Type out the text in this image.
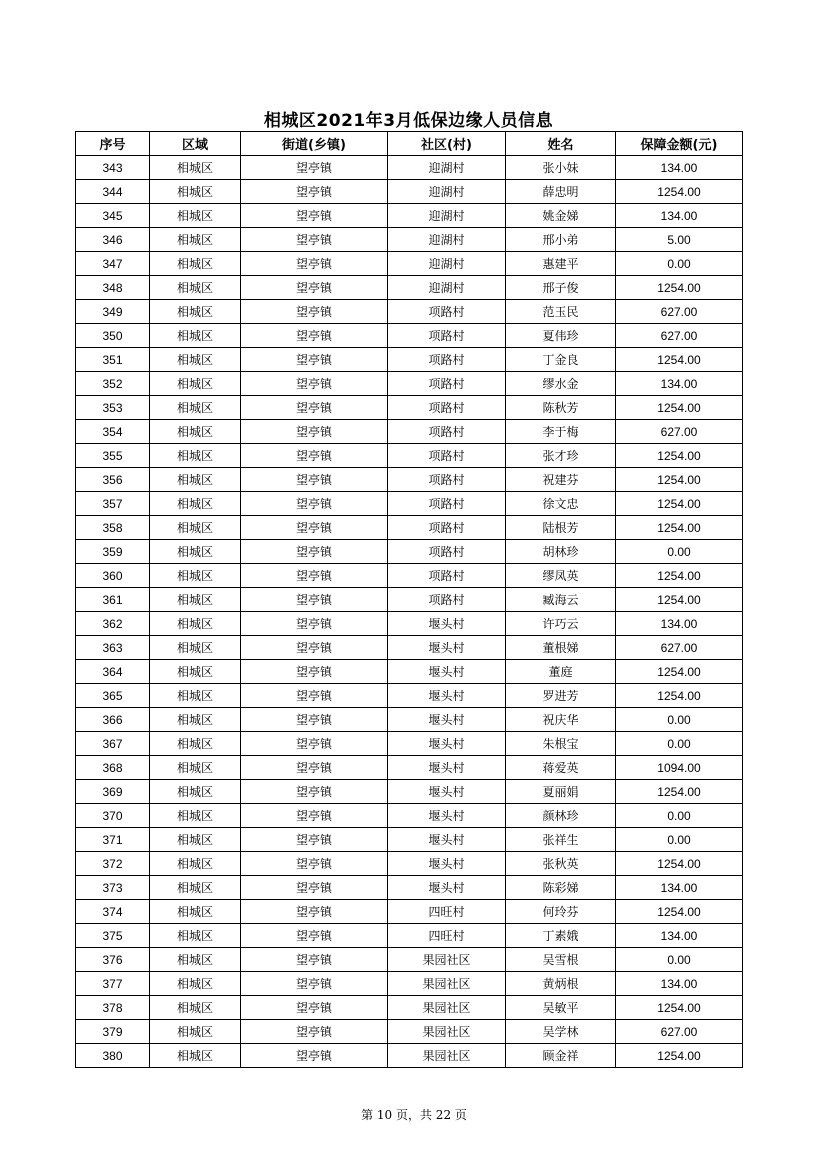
相城区2021年3月低保边缘人员信息
序号	区域	街道(乡镇)	社区(村)	姓名	保障金额(元)
343	相城区	望亭镇	迎湖村	张小妹	134.00
344	相城区	望亭镇	迎湖村	薛忠明	1254.00
345	相城区	望亭镇	迎湖村	姚金娣	134.00
346	相城区	望亭镇	迎湖村	邢小弟	5.00
347	相城区	望亭镇	迎湖村	惠建平	0.00
348	相城区	望亭镇	迎湖村	邢子俊	1254.00
349	相城区	望亭镇	项路村	范玉民	627.00
350	相城区	望亭镇	项路村	夏伟珍	627.00
351	相城区	望亭镇	项路村	丁金良	1254.00
352	相城区	望亭镇	项路村	缪水金	134.00
353	相城区	望亭镇	项路村	陈秋芳	1254.00
354	相城区	望亭镇	项路村	李于梅	627.00
355	相城区	望亭镇	项路村	张才珍	1254.00
356	相城区	望亭镇	项路村	祝建芬	1254.00
357	相城区	望亭镇	项路村	徐文忠	1254.00
358	相城区	望亭镇	项路村	陆根芳	1254.00
359	相城区	望亭镇	项路村	胡林珍	0.00
360	相城区	望亭镇	项路村	缪凤英	1254.00
361	相城区	望亭镇	项路村	臧海云	1254.00
362	相城区	望亭镇	堰头村	许巧云	134.00
363	相城区	望亭镇	堰头村	董根娣	627.00
364	相城区	望亭镇	堰头村	董庭	1254.00
365	相城区	望亭镇	堰头村	罗进芳	1254.00
366	相城区	望亭镇	堰头村	祝庆华	0.00
367	相城区	望亭镇	堰头村	朱根宝	0.00
368	相城区	望亭镇	堰头村	蒋爱英	1094.00
369	相城区	望亭镇	堰头村	夏丽娟	1254.00
370	相城区	望亭镇	堰头村	颜林珍	0.00
371	相城区	望亭镇	堰头村	张祥生	0.00
372	相城区	望亭镇	堰头村	张秋英	1254.00
373	相城区	望亭镇	堰头村	陈彩娣	134.00
374	相城区	望亭镇	四旺村	何玲芬	1254.00
375	相城区	望亭镇	四旺村	丁素娥	134.00
376	相城区	望亭镇	果园社区	吴雪根	0.00
377	相城区	望亭镇	果园社区	黄炳根	134.00
378	相城区	望亭镇	果园社区	吴敏平	1254.00
379	相城区	望亭镇	果园社区	吴学林	627.00
380	相城区	望亭镇	果园社区	顾金祥	1254.00
第 10 页，共 22 页
